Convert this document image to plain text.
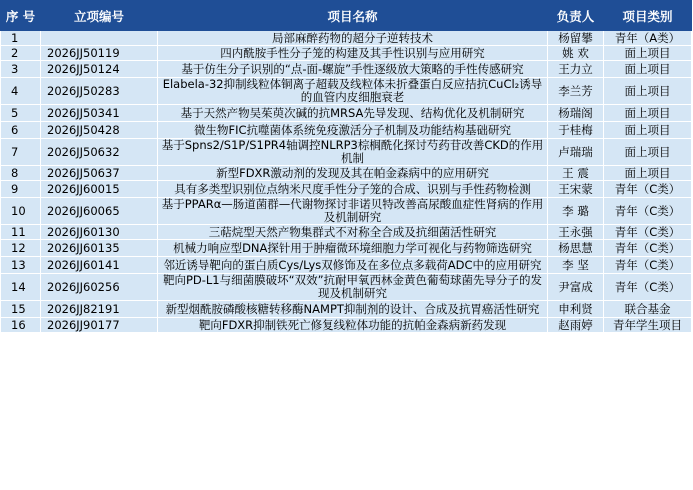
序 号	立项编号	项目名称	负责人	项目类别
1		局部麻醉药物的超分子逆转技术	杨留攀	青年（A类）
2	2026JJ50119	四内酰胺手性分子笼的构建及其手性识别与应用研究	姚 欢	面上项目
3	2026JJ50124	基于仿生分子识别的“点-面-螺旋”手性逐级放大策略的手性传感研究	王力立	面上项目
4	2026JJ50283	Elabela-32抑制线粒体铜离子超载及线粒体未折叠蛋白反应拮抗CuCl₂诱导的血管内皮细胞衰老	李兰芳	面上项目
5	2026JJ50341	基于天然产物吴茱萸次碱的抗MRSA先导发现、结构优化及机制研究	杨瑞阁	面上项目
6	2026JJ50428	微生物FIC抗噬菌体系统免疫激活分子机制及功能结构基础研究	于桂梅	面上项目
7	2026JJ50632	基于Spns2/S1P/S1PR4轴调控NLRP3棕榈酰化探讨芍药苷改善CKD的作用机制	卢瑞瑞	面上项目
8	2026JJ50637	新型FDXR激动剂的发现及其在帕金森病中的应用研究	王 震	面上项目
9	2026JJ60015	具有多类型识别位点纳米尺度手性分子笼的合成、识别与手性药物检测	王宋蒙	青年（C类）
10	2026JJ60065	基于PPARα—肠道菌群—代谢物探讨非诺贝特改善高尿酸血症性肾病的作用及机制研究	李 璐	青年（C类）
11	2026JJ60130	三萜烷型天然产物集群式不对称全合成及抗细菌活性研究	王永强	青年（C类）
12	2026JJ60135	机械力响应型DNA探针用于肿瘤微环境细胞力学可视化与药物筛选研究	杨思慧	青年（C类）
13	2026JJ60141	邻近诱导靶向的蛋白质Cys/Lys双修饰及在多位点多载荷ADC中的应用研究	李 坚	青年（C类）
14	2026JJ60256	靶向PD-L1与细菌膜破坏“双效”抗耐甲氧西林金黄色葡萄球菌先导分子的发现及机制研究	尹富成	青年（C类）
15	2026JJ82191	新型烟酰胺磷酸核糖转移酶NAMPT抑制剂的设计、合成及抗胃癌活性研究	申利贤	联合基金
16	2026JJ90177	靶向FDXR抑制铁死亡修复线粒体功能的抗帕金森病新药发现	赵雨婷	青年学生项目
